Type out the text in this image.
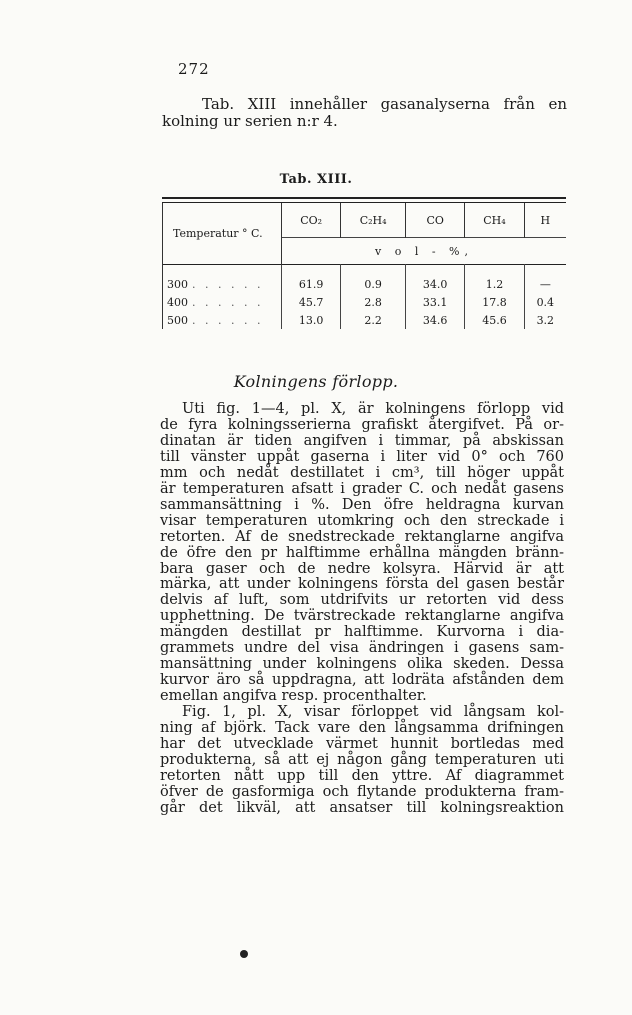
272
Tab. XIII innehåller gasanalyserna från en
kolning ur serien n:r 4.
Tab. XIII.
Temperatur ° C.	CO₂	C₂H₄	CO	CH₄	H
	v o l - %,				
300 . . . . . .	61.9	0.9	34.0	1.2	—
400 . . . . . .	45.7	2.8	33.1	17.8	0.4
500 . . . . . .	13.0	2.2	34.6	45.6	3.2
Kolningens förlopp.
Uti fig. 1—4, pl. X, är kolningens förlopp vid
de fyra kolningsserierna grafiskt återgifvet. På or-
dinatan är tiden angifven i timmar, på abskissan
till vänster uppåt gaserna i liter vid 0° och 760
mm och nedåt destillatet i cm³, till höger uppåt
är temperaturen afsatt i grader C. och nedåt gasens
sammansättning i %. Den öfre heldragna kurvan
visar temperaturen utomkring och den streckade i
retorten. Af de snedstreckade rektanglarne angifva
de öfre den pr halftimme erhållna mängden bränn-
bara gaser och de nedre kolsyra. Härvid är att
märka, att under kolningens första del gasen består
delvis af luft, som utdrifvits ur retorten vid dess
upphettning. De tvärstreckade rektanglarne angifva
mängden destillat pr halftimme. Kurvorna i dia-
grammets undre del visa ändringen i gasens sam-
mansättning under kolningens olika skeden. Dessa
kurvor äro så uppdragna, att lodräta afstånden dem
emellan angifva resp. procenthalter.
Fig. 1, pl. X, visar förloppet vid långsam kol-
ning af björk. Tack vare den långsamma drifningen
har det utvecklade värmet hunnit bortledas med
produkterna, så att ej någon gång temperaturen uti
retorten nått upp till den yttre. Af diagrammet
öfver de gasformiga och flytande produkterna fram-
går det likväl, att ansatser till kolningsreaktion
